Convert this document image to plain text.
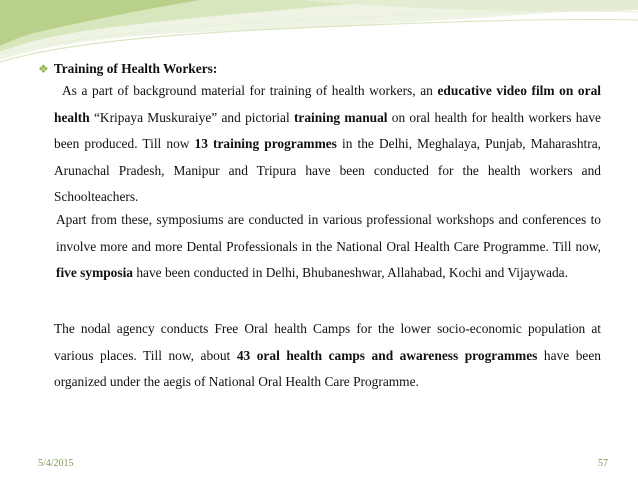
❖ Training of Health Workers:

As a part of background material for training of health workers, an educative video film on oral health “Kripaya Muskuraiye” and pictorial training manual on oral health for health workers have been produced. Till now 13 training programmes in the Delhi, Meghalaya, Punjab, Maharashtra, Arunachal Pradesh, Manipur and Tripura have been conducted for the health workers and Schoolteachers.

Apart from these, symposiums are conducted in various professional workshops and conferences to involve more and more Dental Professionals in the National Oral Health Care Programme. Till now, five symposia have been conducted in Delhi, Bhubaneshwar, Allahabad, Kochi and Vijaywada.

The nodal agency conducts Free Oral health Camps for the lower socio-economic population at various places. Till now, about 43 oral health camps and awareness programmes have been organized under the aegis of National Oral Health Care Programme.

5/4/2015	57
